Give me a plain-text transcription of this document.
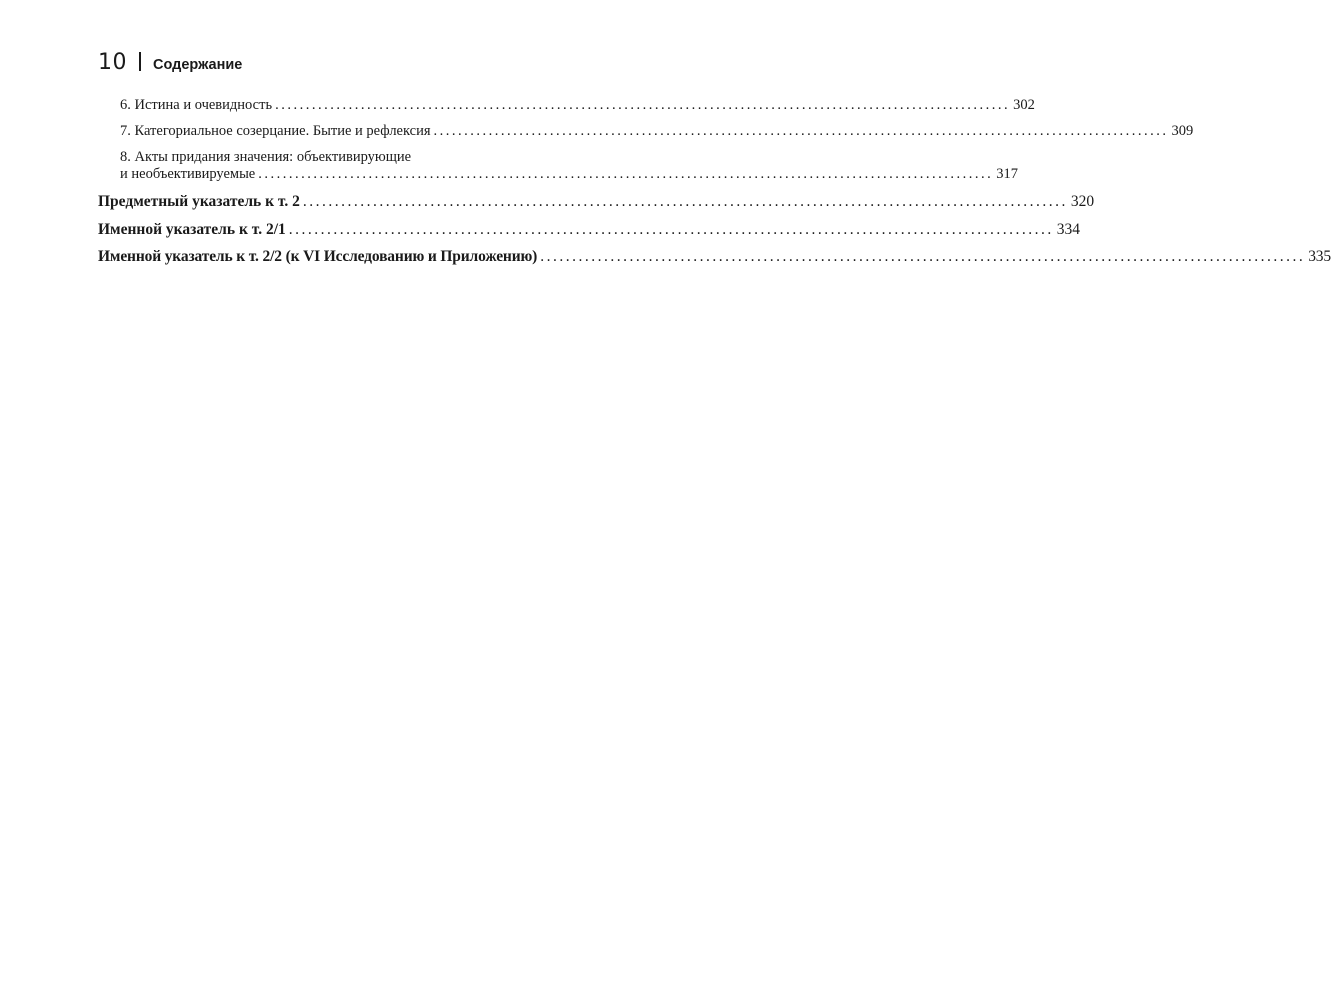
10 Содержание
6. Истина и очевидность ........................................................................................................................ 302
7. Категориальное созерцание. Бытие и рефлексия ........................................................................................................................ 309
8. Акты придания значения: объективирующие
и необъективируемые ........................................................................................................................ 317
Предметный указатель к т. 2 ........................................................................................................................ 320
Именной указатель к т. 2/1 ........................................................................................................................ 334
Именной указатель к т. 2/2 (к VI Исследованию и Приложению) ........................................................................................................................ 335
